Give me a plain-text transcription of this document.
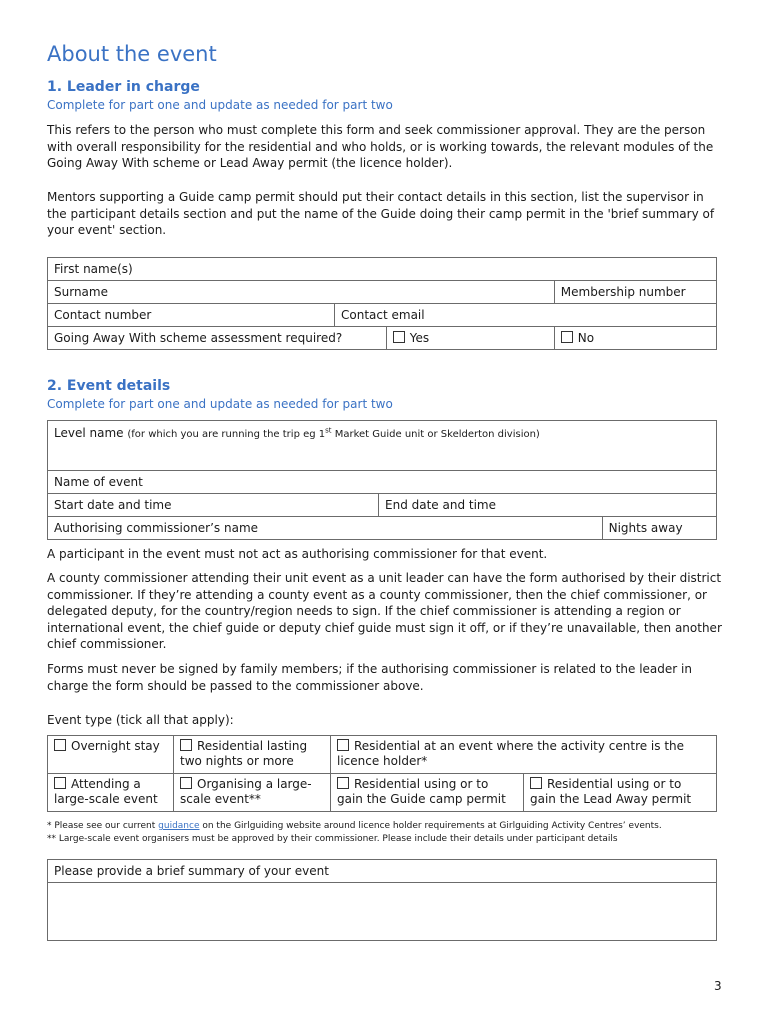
About the event
1. Leader in charge
Complete for part one and update as needed for part two

This refers to the person who must complete this form and seek commissioner approval. They are the person with overall responsibility for the residential and who holds, or is working towards, the relevant modules of the Going Away With scheme or Lead Away permit (the licence holder).

Mentors supporting a Guide camp permit should put their contact details in this section, list the supervisor in the participant details section and put the name of the Guide doing their camp permit in the 'brief summary of your event' section.

First name(s)			
Surname			Membership number
Contact number	Contact email		
Going Away With scheme assessment required?		Yes	No
2. Event details
Complete for part one and update as needed for part two
Level name (for which you are running the trip eg 1st Market Guide unit or Skelderton division)		
Name of event		
Start date and time	End date and time	
Authorising commissioner’s name		Nights away

A participant in the event must not act as authorising commissioner for that event.

A county commissioner attending their unit event as a unit leader can have the form authorised by their district commissioner. If they’re attending a county event as a county commissioner, then the chief commissioner, or delegated deputy, for the country/region needs to sign. If the chief commissioner is attending a region or international event, the chief guide or deputy chief guide must sign it off, or if they’re unavailable, then another chief commissioner.

Forms must never be signed by family members; if the authorising commissioner is related to the leader in charge the form should be passed to the commissioner above.

Event type (tick all that apply):

Overnight stay	Residential lasting two nights or more	Residential at an event where the activity centre is the licence holder*	
Attending a large-scale event	Organising a large-scale event**	Residential using or to gain the Guide camp permit	Residential using or to gain the Lead Away permit
* Please see our current guidance on the Girlguiding website around licence holder requirements at Girlguiding Activity Centres’ events.
** Large-scale event organisers must be approved by their commissioner. Please include their details under participant details
Please provide a brief summary of your event

3
